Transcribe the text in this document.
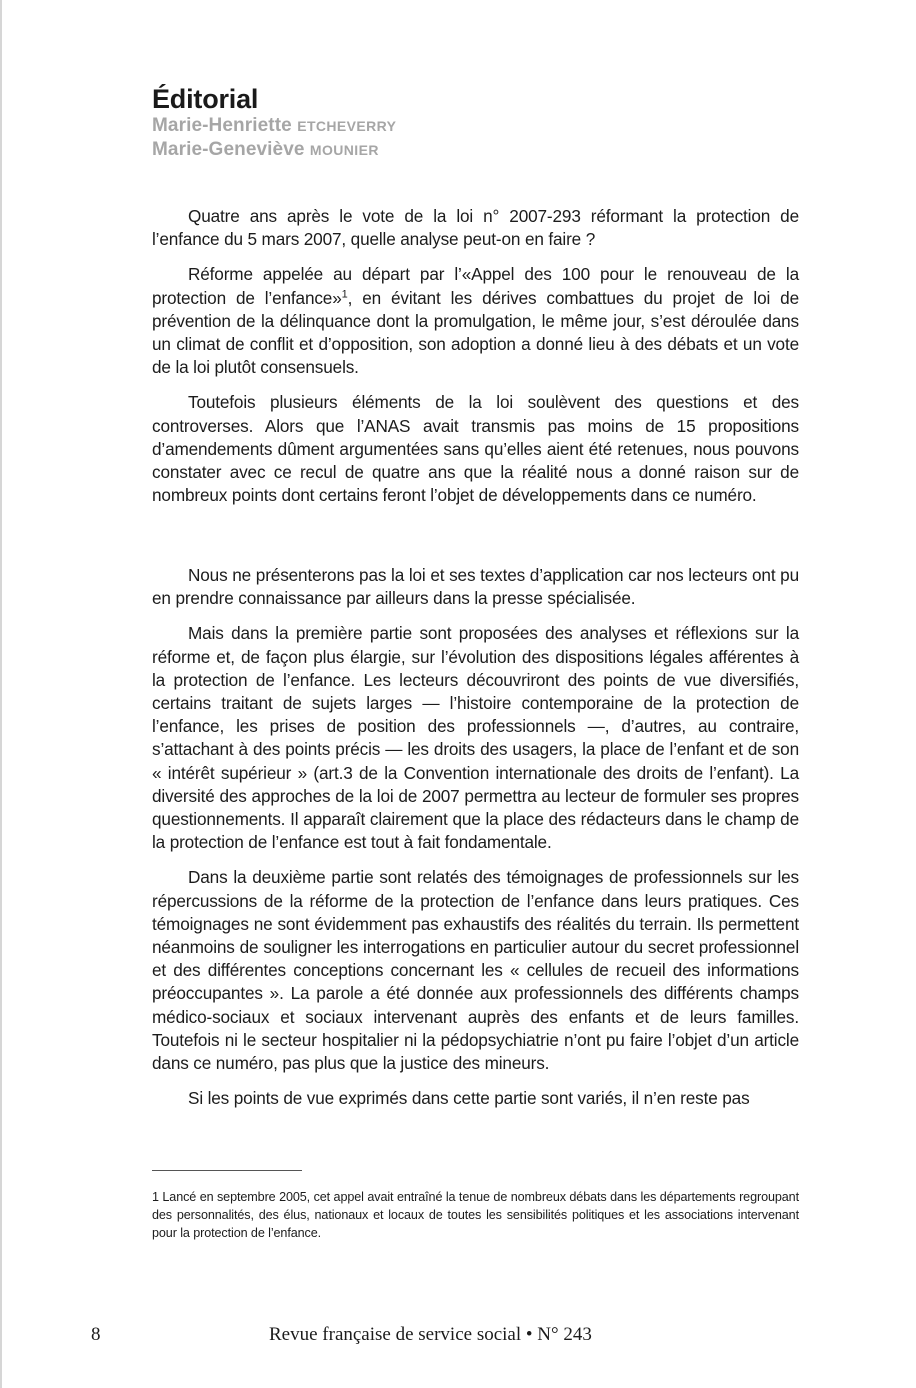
Éditorial
Marie-Henriette ETCHEVERRY
Marie-Geneviève MOUNIER

Quatre ans après le vote de la loi n° 2007-293 réformant la protection de l’enfance du 5 mars 2007, quelle analyse peut-on en faire ?

Réforme appelée au départ par l’«Appel des 100 pour le renouveau de la protection de l’enfance»$^1$, en évitant les dérives combattues du projet de loi de prévention de la délinquance dont la promulgation, le même jour, s’est déroulée dans un climat de conflit et d’opposition, son adoption a donné lieu à des débats et un vote de la loi plutôt consensuels.

Toutefois plusieurs éléments de la loi soulèvent des questions et des controverses. Alors que l’ANAS avait transmis pas moins de 15 propositions d’amendements dûment argumentées sans qu’elles aient été retenues, nous pouvons constater avec ce recul de quatre ans que la réalité nous a donné raison sur de nombreux points dont certains feront l’objet de développements dans ce numéro.

Nous ne présenterons pas la loi et ses textes d’application car nos lecteurs ont pu en prendre connaissance par ailleurs dans la presse spécialisée.

Mais dans la première partie sont proposées des analyses et réflexions sur la réforme et, de façon plus élargie, sur l’évolution des dispositions légales afférentes à la protection de l’enfance. Les lecteurs découvriront des points de vue diversifiés, certains traitant de sujets larges — l’histoire contemporaine de la protection de l’enfance, les prises de position des professionnels —, d’autres, au contraire, s’attachant à des points précis — les droits des usagers, la place de l’enfant et de son « intérêt supérieur » (art.3 de la Convention internationale des droits de l’enfant). La diversité des approches de la loi de 2007 permettra au lecteur de formuler ses propres questionnements. Il apparaît clairement que la place des rédacteurs dans le champ de la protection de l’enfance est tout à fait fondamentale.

Dans la deuxième partie sont relatés des témoignages de professionnels sur les répercussions de la réforme de la protection de l’enfance dans leurs pratiques. Ces témoignages ne sont évidemment pas exhaustifs des réalités du terrain. Ils permettent néanmoins de souligner les interrogations en particulier autour du secret professionnel et des différentes conceptions concernant les « cellules de recueil des informations préoccupantes ». La parole a été donnée aux professionnels des différents champs médico-sociaux et sociaux intervenant auprès des enfants et de leurs familles. Toutefois ni le secteur hospitalier ni la pédopsychiatrie n’ont pu faire l’objet d’un article dans ce numéro, pas plus que la justice des mineurs.

Si les points de vue exprimés dans cette partie sont variés, il n’en reste pas

1 Lancé en septembre 2005, cet appel avait entraîné la tenue de nombreux débats dans les départements regroupant des personnalités, des élus, nationaux et locaux de toutes les sensibilités politiques et les associations intervenant pour la protection de l’enfance.

8	Revue française de service social • N° 243
